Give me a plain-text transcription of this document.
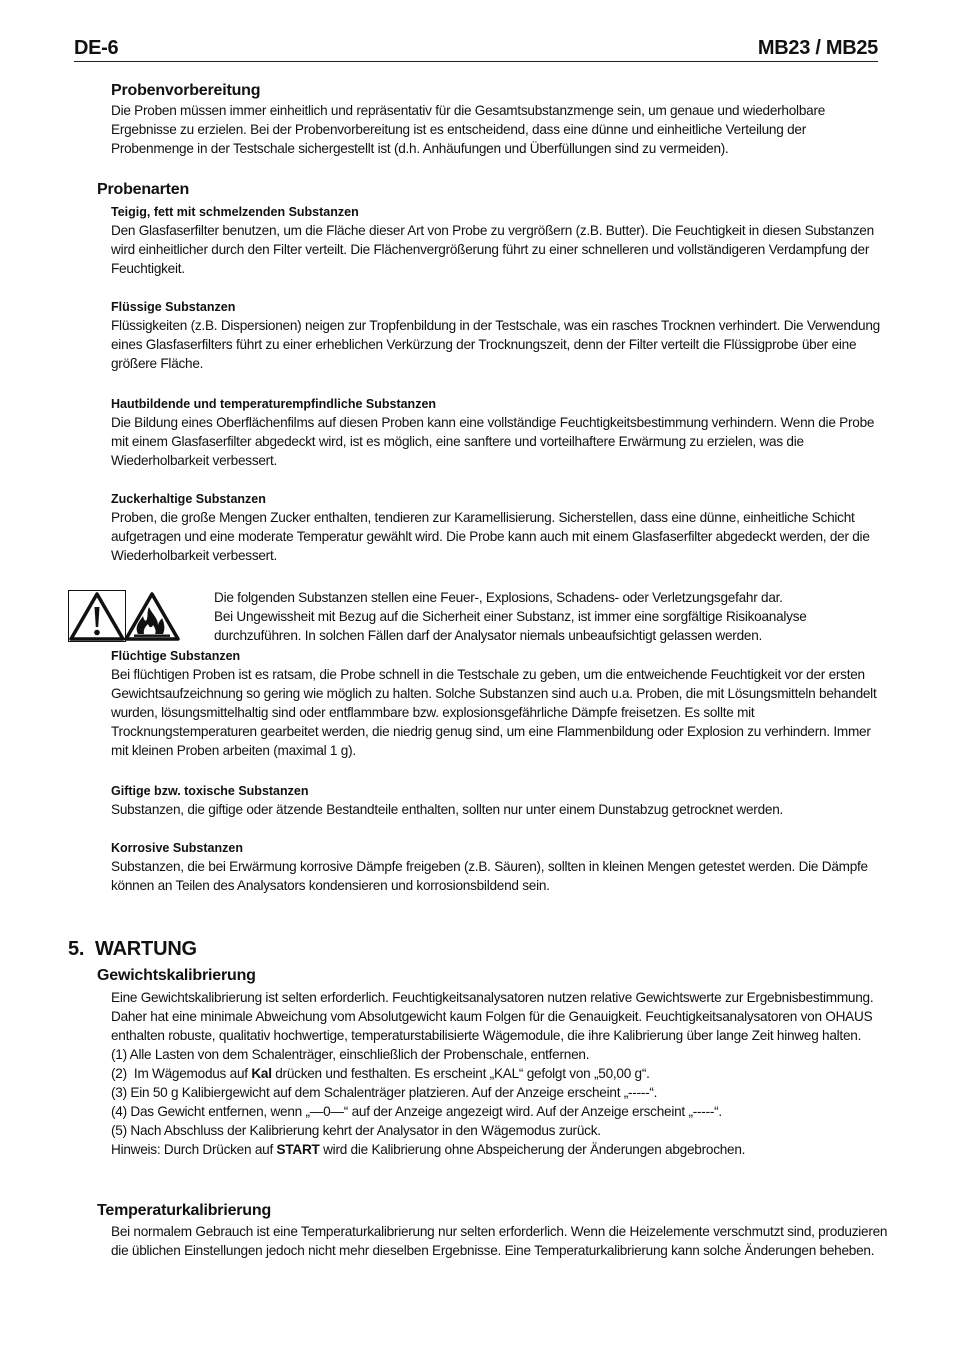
DE-6	MB23 / MB25
Probenvorbereitung

Die Proben müssen immer einheitlich und repräsentativ für die Gesamtsubstanzmenge sein, um genaue und wiederholbare Ergebnisse zu erzielen. Bei der Probenvorbereitung ist es entscheidend, dass eine dünne und einheitliche Verteilung der Probenmenge in der Testschale sichergestellt ist (d.h. Anhäufungen und Überfüllungen sind zu vermeiden).

Probenarten
Teigig, fett mit schmelzenden Substanzen

Den Glasfaserfilter benutzen, um die Fläche dieser Art von Probe zu vergrößern (z.B. Butter). Die Feuchtigkeit in diesen Substanzen wird einheitlicher durch den Filter verteilt. Die Flächenvergrößerung führt zu einer schnelleren und vollständigeren Verdampfung der Feuchtigkeit.

Flüssige Substanzen

Flüssigkeiten (z.B. Dispersionen) neigen zur Tropfenbildung in der Testschale, was ein rasches Trocknen verhindert. Die Verwendung eines Glasfaserfilters führt zu einer erheblichen Verkürzung der Trocknungszeit, denn der Filter verteilt die Flüssigprobe über eine größere Fläche.

Hautbildende und temperaturempfindliche Substanzen

Die Bildung eines Oberflächenfilms auf diesen Proben kann eine vollständige Feuchtigkeitsbestimmung verhindern. Wenn die Probe mit einem Glasfaserfilter abgedeckt wird, ist es möglich, eine sanftere und vorteilhaftere Erwärmung zu erzielen, was die Wiederholbarkeit verbessert.

Zuckerhaltige Substanzen

Proben, die große Mengen Zucker enthalten, tendieren zur Karamellisierung. Sicherstellen, dass eine dünne, einheitliche Schicht aufgetragen und eine moderate Temperatur gewählt wird. Die Probe kann auch mit einem Glasfaserfilter abgedeckt werden, der die Wiederholbarkeit verbessert.

Die folgenden Substanzen stellen eine Feuer-, Explosions, Schadens- oder Verletzungsgefahr dar.

Bei Ungewissheit mit Bezug auf die Sicherheit einer Substanz, ist immer eine sorgfältige Risikoanalyse durchzuführen. In solchen Fällen darf der Analysator niemals unbeaufsichtigt gelassen werden.

Flüchtige Substanzen

Bei flüchtigen Proben ist es ratsam, die Probe schnell in die Testschale zu geben, um die entweichende Feuchtigkeit vor der ersten Gewichtsaufzeichnung so gering wie möglich zu halten. Solche Substanzen sind auch u.a. Proben, die mit Lösungsmitteln behandelt wurden, lösungsmittelhaltig sind oder entflammbare bzw. explosionsgefährliche Dämpfe freisetzen. Es sollte mit Trocknungstemperaturen gearbeitet werden, die niedrig genug sind, um eine Flammenbildung oder Explosion zu verhindern. Immer mit kleinen Proben arbeiten (maximal 1 g).

Giftige bzw. toxische Substanzen

Substanzen, die giftige oder ätzende Bestandteile enthalten, sollten nur unter einem Dunstabzug getrocknet werden.

Korrosive Substanzen

Substanzen, die bei Erwärmung korrosive Dämpfe freigeben (z.B. Säuren), sollten in kleinen Mengen getestet werden. Die Dämpfe können an Teilen des Analysators kondensieren und korrosionsbildend sein.

5.  WARTUNG
Gewichtskalibrierung

Eine Gewichtskalibrierung ist selten erforderlich. Feuchtigkeitsanalysatoren nutzen relative Gewichtswerte zur Ergebnisbestimmung. Daher hat eine minimale Abweichung vom Absolutgewicht kaum Folgen für die Genauigkeit. Feuchtigkeitsanalysatoren von OHAUS enthalten robuste, qualitativ hochwertige, temperaturstabilisierte Wägemodule, die ihre Kalibrierung über lange Zeit hinweg halten.

(1) Alle Lasten von dem Schalenträger, einschließlich der Probenschale, entfernen.
(2)  Im Wägemodus auf Kal drücken und festhalten. Es erscheint „KAL“ gefolgt von „50,00 g“.
(3) Ein 50 g Kalibiergewicht auf dem Schalenträger platzieren. Auf der Anzeige erscheint „-----“.
(4) Das Gewicht entfernen, wenn „—0—“ auf der Anzeige angezeigt wird. Auf der Anzeige erscheint „-----“.
(5) Nach Abschluss der Kalibrierung kehrt der Analysator in den Wägemodus zurück.
Hinweis: Durch Drücken auf START wird die Kalibrierung ohne Abspeicherung der Änderungen abgebrochen.
Temperaturkalibrierung

Bei normalem Gebrauch ist eine Temperaturkalibrierung nur selten erforderlich. Wenn die Heizelemente verschmutzt sind, produzieren die üblichen Einstellungen jedoch nicht mehr dieselben Ergebnisse. Eine Temperaturkalibrierung kann solche Änderungen beheben.
